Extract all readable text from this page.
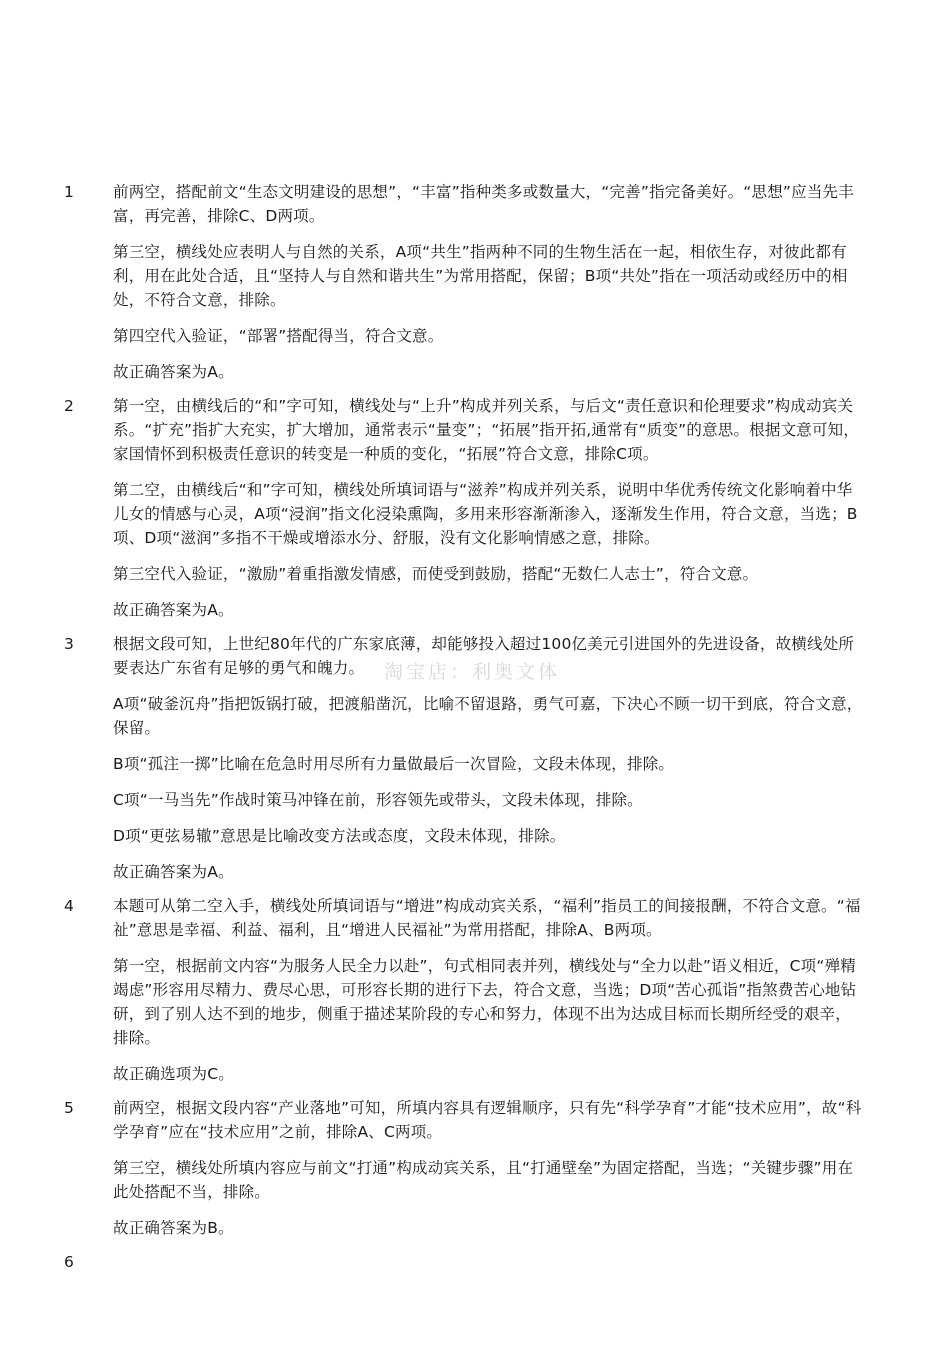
1	前两空，搭配前文“生态文明建设的思想”，“丰富”指种类多或数量大，“完善”指完备美好。“思想”应当先丰富，再完善，排除C、D两项。

第三空，横线处应表明人与自然的关系，A项“共生”指两种不同的生物生活在一起，相依生存，对彼此都有利，用在此处合适，且“坚持人与自然和谐共生”为常用搭配，保留；B项“共处”指在一项活动或经历中的相处，不符合文意，排除。

第四空代入验证，“部署”搭配得当，符合文意。

故正确答案为A。

2	第一空，由横线后的“和”字可知，横线处与“上升”构成并列关系，与后文“责任意识和伦理要求”构成动宾关系。“扩充”指扩大充实，扩大增加，通常表示“量变”；“拓展”指开拓,通常有“质变”的意思。根据文意可知，家国情怀到积极责任意识的转变是一种质的变化，“拓展”符合文意，排除C项。

第二空，由横线后“和”字可知，横线处所填词语与“滋养”构成并列关系，说明中华优秀传统文化影响着中华儿女的情感与心灵，A项“浸润”指文化浸染熏陶，多用来形容渐渐渗入，逐渐发生作用，符合文意，当选；B项、D项“滋润”多指不干燥或增添水分、舒服，没有文化影响情感之意，排除。

第三空代入验证，“激励”着重指激发情感，而使受到鼓励，搭配“无数仁人志士”，符合文意。

故正确答案为A。

3	根据文段可知，上世纪80年代的广东家底薄，却能够投入超过100亿美元引进国外的先进设备，故横线处所要表达广东省有足够的勇气和魄力。

A项“破釜沉舟”指把饭锅打破，把渡船凿沉，比喻不留退路，勇气可嘉，下决心不顾一切干到底，符合文意，保留。

B项“孤注一掷”比喻在危急时用尽所有力量做最后一次冒险，文段未体现，排除。

C项“一马当先”作战时策马冲锋在前，形容领先或带头，文段未体现，排除。

D项“更弦易辙”意思是比喻改变方法或态度，文段未体现，排除。

故正确答案为A。

4	本题可从第二空入手，横线处所填词语与“增进”构成动宾关系，“福利”指员工的间接报酬，不符合文意。“福祉”意思是幸福、利益、福利，且“增进人民福祉”为常用搭配，排除A、B两项。

第一空，根据前文内容“为服务人民全力以赴”，句式相同表并列，横线处与“全力以赴”语义相近，C项“殚精竭虑”形容用尽精力、费尽心思，可形容长期的进行下去，符合文意，当选；D项“苦心孤诣”指煞费苦心地钻研，到了别人达不到的地步，侧重于描述某阶段的专心和努力，体现不出为达成目标而长期所经受的艰辛，排除。

故正确选项为C。

5	前两空，根据文段内容“产业落地”可知，所填内容具有逻辑顺序，只有先“科学孕育”才能“技术应用”，故“科学孕育”应在“技术应用”之前，排除A、C两项。

第三空，横线处所填内容应与前文“打通”构成动宾关系，且“打通壁垒”为固定搭配，当选；“关键步骤”用在此处搭配不当，排除。

故正确答案为B。

6

淘宝店：利奥文体
